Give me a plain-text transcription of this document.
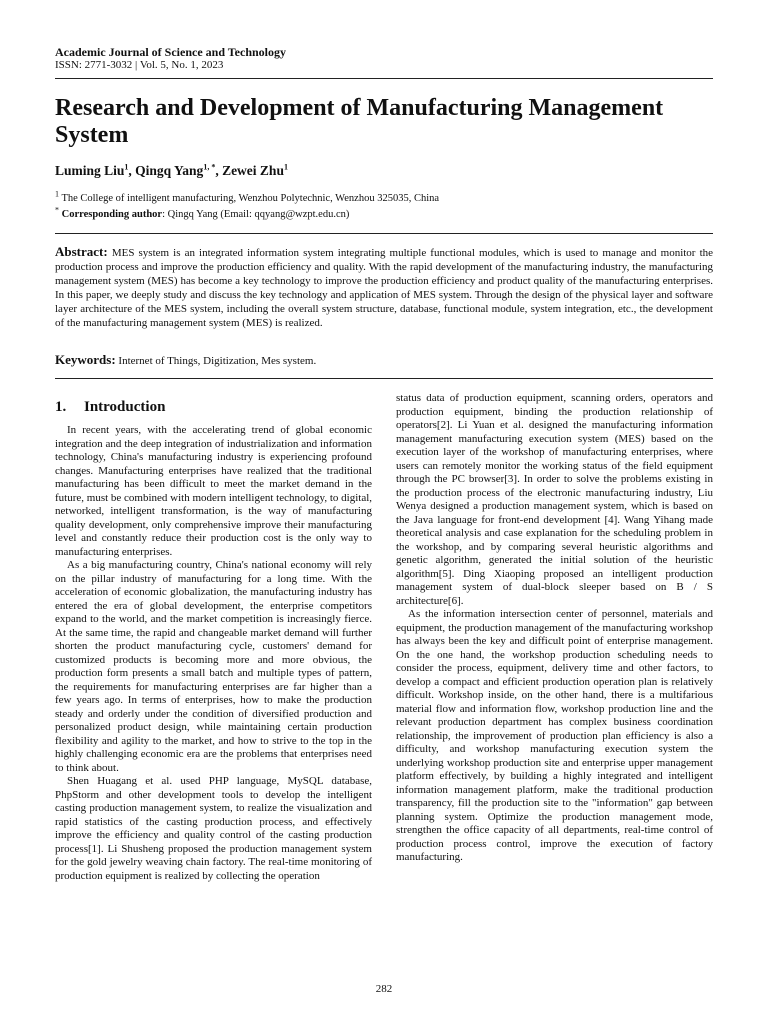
Academic Journal of Science and Technology
ISSN: 2771-3032 | Vol. 5, No. 1, 2023
Research and Development of Manufacturing Management System
Luming Liu$^1$, Qingq Yang$^{1, *}$, Zewei Zhu$^1$
$^1$ The College of intelligent manufacturing, Wenzhou Polytechnic, Wenzhou 325035, China
* Corresponding author: Qingq Yang (Email: qqyang@wzpt.edu.cn)

Abstract: MES system is an integrated information system integrating multiple functional modules, which is used to manage and monitor the production process and improve the production efficiency and quality. With the rapid development of the manufacturing industry, the manufacturing management system (MES) has become a key technology to improve the production efficiency and product quality of the manufacturing enterprises. In this paper, we deeply study and discuss the key technology and application of MES system. Through the design of the physical layer and software layer architecture of the MES system, including the overall system structure, database, functional module, system integration, etc., the development of the manufacturing management system (MES) is realized.

Keywords: Internet of Things, Digitization, Mes system.
1. Introduction

In recent years, with the accelerating trend of global economic integration and the deep integration of industrialization and information technology, China's manufacturing industry is experiencing profound changes. Manufacturing enterprises have realized that the traditional manufacturing has been difficult to meet the market demand in the future, must be combined with modern intelligent technology, to digital, networked, intelligent transformation, is the way of manufacturing quality development, only comprehensive improve their manufacturing level and constantly reduce their production cost is the only way to manufacturing enterprises.

As a big manufacturing country, China's national economy will rely on the pillar industry of manufacturing for a long time. With the acceleration of economic globalization, the manufacturing industry has entered the era of global development, the enterprise competitors expand to the world, and the market competition is increasingly fierce. At the same time, the rapid and changeable market demand will further shorten the product manufacturing cycle, customers' demand for customized products is becoming more and more obvious, the production form presents a small batch and multiple types of pattern, the requirements for manufacturing enterprises are far higher than a few years ago. In terms of enterprises, how to make the production steady and orderly under the condition of diversified production and personalized product design, while maintaining certain production flexibility and agility to the market, and how to strive to the top in the highly challenging economic era are the problems that enterprises need to think about.

Shen Huagang et al. used PHP language, MySQL database, PhpStorm and other development tools to develop the intelligent casting production management system, to realize the visualization and rapid statistics of the casting production process, and effectively improve the efficiency and quality control of the casting production process[1]. Li Shusheng proposed the production management system for the gold jewelry weaving chain factory. The real-time monitoring of production equipment is realized by collecting the operation

status data of production equipment, scanning orders, operators and production equipment, binding the production relationship of operators[2]. Li Yuan et al. designed the manufacturing information management manufacturing execution system (MES) based on the execution layer of the workshop of manufacturing enterprises, where users can remotely monitor the working status of the field equipment through the PC browser[3]. In order to solve the problems existing in the production process of the electronic manufacturing industry, Liu Wenya designed a production management system, which is based on the Java language for front-end development [4]. Wang Yihang made theoretical analysis and case explanation for the scheduling problem in the workshop, and by comparing several heuristic algorithms and genetic algorithm, generated the initial solution of the heuristic algorithm[5]. Ding Xiaoping proposed an intelligent production management system of dual-block sleeper based on B / S architecture[6].

As the information intersection center of personnel, materials and equipment, the production management of the manufacturing workshop has always been the key and difficult point of enterprise management. On the one hand, the workshop production scheduling needs to consider the process, equipment, delivery time and other factors, to develop a compact and efficient production operation plan is relatively difficult. Workshop inside, on the other hand, there is a multifarious material flow and information flow, workshop production line and the relevant production department has complex business coordination relationship, the improvement of production plan efficiency is also a difficulty, and workshop manufacturing execution system the underlying workshop production site and enterprise upper management platform effectively, by building a highly integrated and intelligent information management platform, make the traditional production transparency, fill the production site to the "information" gap between planning system. Optimize the production management mode, strengthen the office capacity of all departments, real-time control of production process control, improve the execution of factory manufacturing.

282
